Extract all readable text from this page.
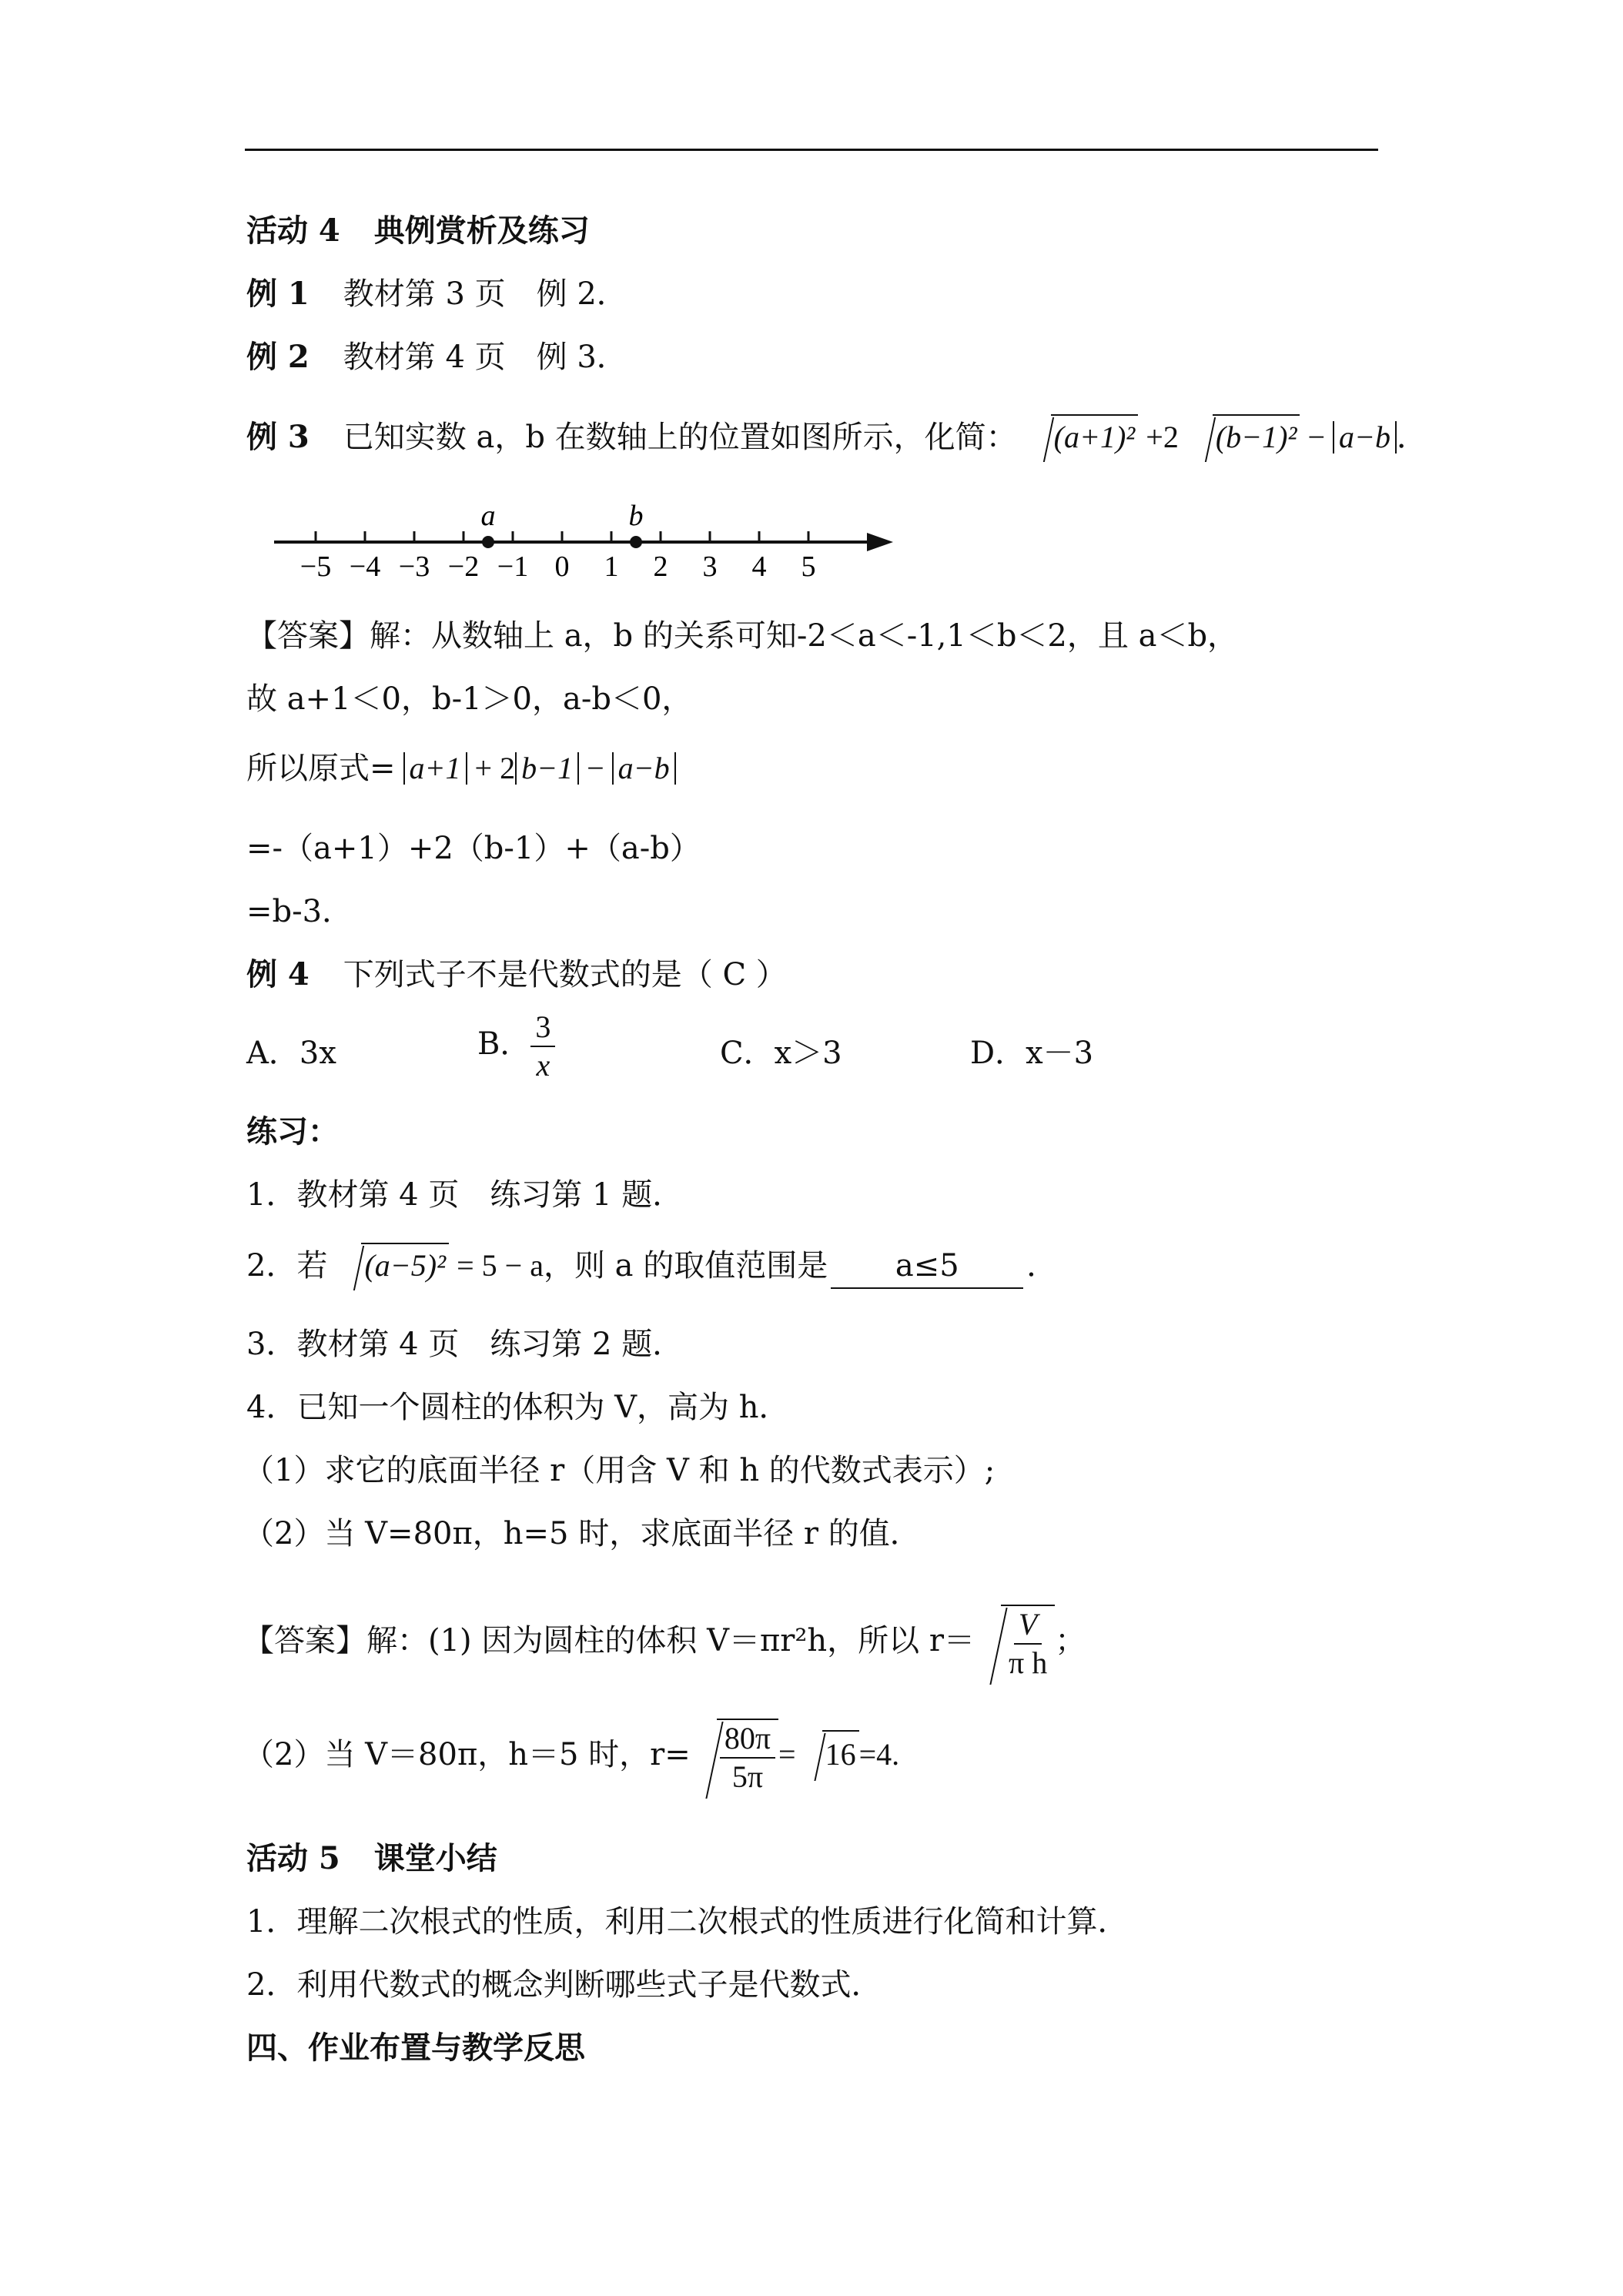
活动 4 典例赏析及练习
例 1 教材第 3 页　例 2．
例 2 教材第 4 页　例 3．
例 3 已知实数 a，b 在数轴上的位置如图所示，化简： (a+1)² +2 (b−1)² − a−b ．
−5 −4 −3 −2 −1 0 1 2 3 4 5
a	b
【答案】解：从数轴上 a，b 的关系可知-2＜a＜-1,1＜b＜2，且 a＜b，
故 a+1＜0，b-1＞0，a-b＜0，
所以原式= a+1 + 2 b−1 − a−b
=-（a+1）+2（b-1）+（a-b）
=b-3．
例 4 下列式子不是代数式的是（ C ）
A．3x	B． $\frac{3}{x}$	C．x＞3	D．x－3
练习：
1．教材第 4 页　练习第 1 题．
2．若 (a−5)² = 5 − a，则 a 的取值范围是 a≤5 ．
3．教材第 4 页　练习第 2 题．
4．已知一个圆柱的体积为 V，高为 h．
（1）求它的底面半径 r（用含 V 和 h 的代数式表示）;
（2）当 V=80π，h=5 时，求底面半径 r 的值．
【答案】解：(1) 因为圆柱的体积 V＝πr²h，所以 $r= \frac{V}{\text{π h}}$ ；
（2）当 V＝80π，h＝5 时，$r= \frac{80\pi}{5\pi} = 16 =4$.
活动 5 课堂小结
1．理解二次根式的性质，利用二次根式的性质进行化简和计算．
2．利用代数式的概念判断哪些式子是代数式．
四、作业布置与教学反思
